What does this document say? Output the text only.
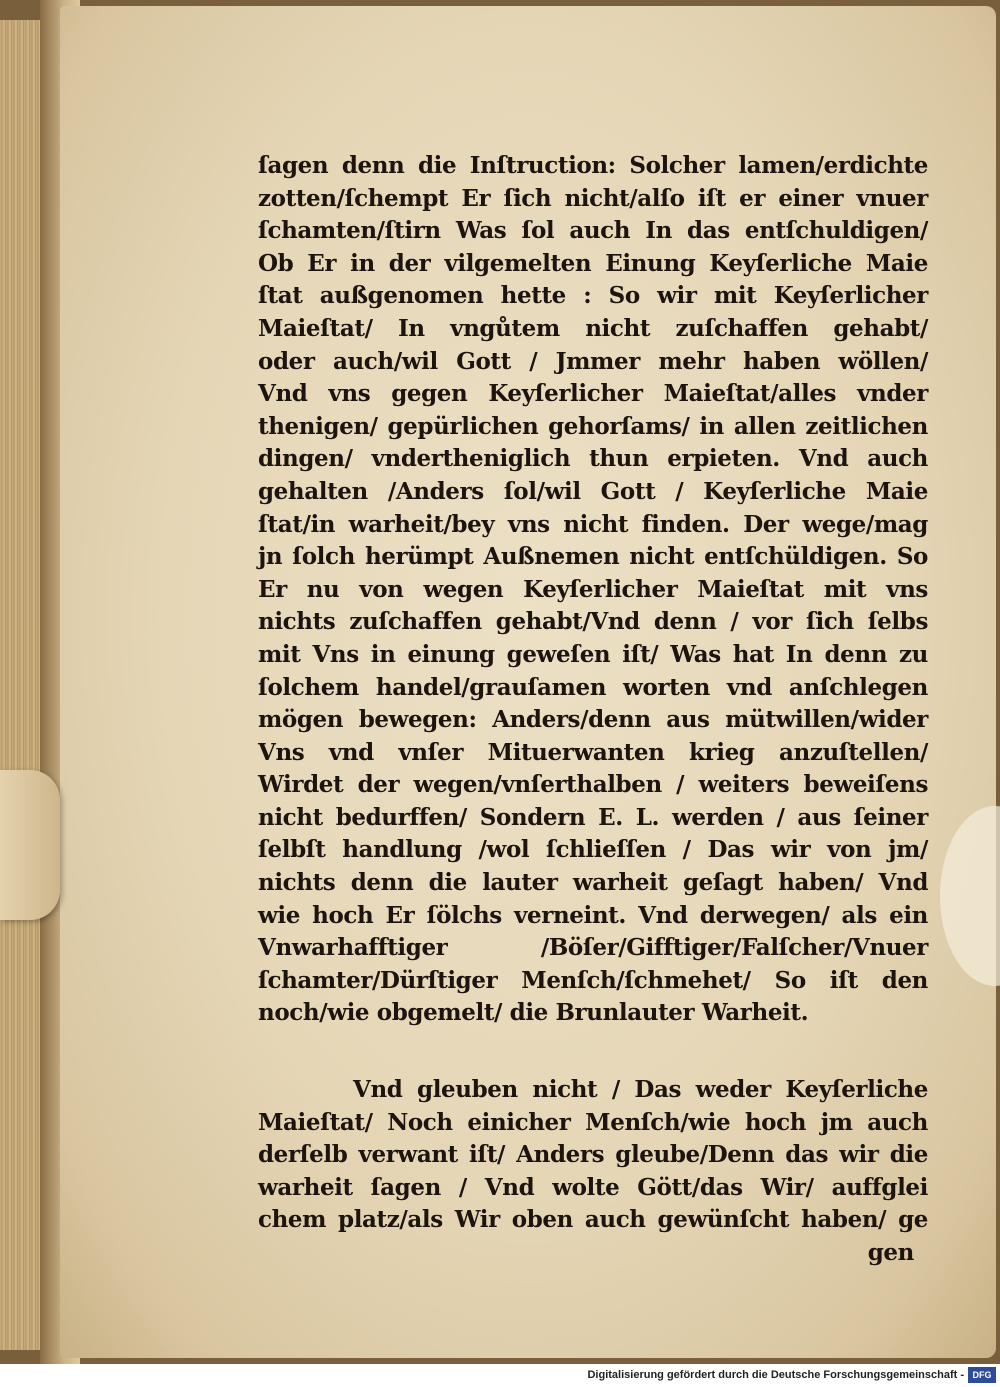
ſagen denn die Inſtruction: Solcher lamen/erdichte
zotten/ſchempt Er ſich nicht/alſo iſt er einer vnuer
ſchamten/ſtirn Was ſol auch In das entſchuldigen/
Ob Er in der vilgemelten Einung Keyſerliche Maie
ſtat außgenomen hette : So wir mit Keyſerlicher
Maieſtat/ In vngůtem nicht zuſchaffen gehabt/
oder auch/wil Gott / Jmmer mehr haben wöllen/
Vnd vns gegen Keyſerlicher Maieſtat/alles vnder
thenigen/ gepürlichen gehorſams/ in allen zeitlichen
dingen/ vndertheniglich thun erpieten. Vnd auch
gehalten /Anders ſol/wil Gott / Keyſerliche Maie
ſtat/in warheit/bey vns nicht finden. Der wege/mag
jn ſolch herümpt Außnemen nicht entſchüldigen. So
Er nu von wegen Keyſerlicher Maieſtat mit vns
nichts zuſchaffen gehabt/Vnd denn / vor ſich ſelbs
mit Vns in einung geweſen iſt/ Was hat In denn zu
ſolchem handel/grauſamen worten vnd anſchlegen
mögen bewegen: Anders/denn aus mütwillen/wider
Vns vnd vnſer Mituerwanten krieg anzuſtellen/
Wirdet der wegen/vnſerthalben / weiters beweiſens
nicht bedurffen/ Sondern E. L. werden / aus ſeiner
ſelbſt handlung /wol ſchlieſſen / Das wir von jm/
nichts denn die lauter warheit geſagt haben/ Vnd
wie hoch Er ſölchs verneint. Vnd derwegen/ als ein
Vnwarhafftiger /Böſer/Gifftiger/Falſcher/Vnuer
ſchamter/Dürſtiger Menſch/ſchmehet/ So iſt den
noch/wie obgemelt/ die Brunlauter Warheit.
Vnd gleuben nicht / Das weder Keyſerliche
Maieſtat/ Noch einicher Menſch/wie hoch jm auch
derſelb verwant iſt/ Anders gleube/Denn das wir die
warheit ſagen / Vnd wolte Gött/das Wir/ auffglei
chem platz/als Wir oben auch gewünſcht haben/ ge
gen
Digitalisierung gefördert durch die Deutsche Forschungsgemeinschaft - DFG
